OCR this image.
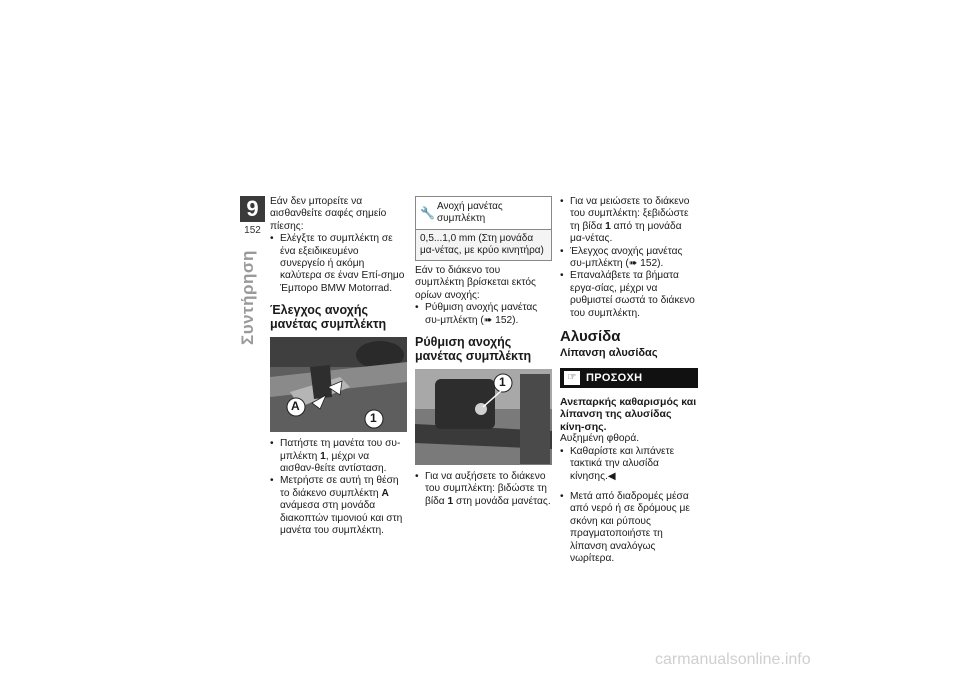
9
152
Συντήρηση

Εάν δεν μπορείτε να αισθανθείτε σαφές σημείο πίεσης:

• Ελέγξτε το συμπλέκτη σε ένα εξειδικευμένο συνεργείο ή ακόμη καλύτερα σε έναν Επί-σημο Έμπορο BMW Motorrad.
Έλεγχος ανοχής μανέτας συμπλέκτη
A
1
• Πατήστε τη μανέτα του συ-μπλέκτη 1, μέχρι να αισθαν-θείτε αντίσταση.
• Μετρήστε σε αυτή τη θέση το διάκενο συμπλέκτη A ανάμεσα στη μονάδα διακοπτών τιμονιού και στη μανέτα του συμπλέκτη.
🔧 Ανοχή μανέτας συμπλέκτη
0,5...1,0 mm (Στη μονάδα μα-νέτας, με κρύο κινητήρα)

Εάν το διάκενο του συμπλέκτη βρίσκεται εκτός ορίων ανοχής:

• Ρύθμιση ανοχής μανέτας συ-μπλέκτη (➠ 152).
Ρύθμιση ανοχής μανέτας συμπλέκτη
1
• Για να αυξήσετε το διάκενο του συμπλέκτη: βιδώστε τη βίδα 1 στη μονάδα μανέτας.
• Για να μειώσετε το διάκενο του συμπλέκτη: ξεβιδώστε τη βίδα 1 από τη μονάδα μα-νέτας.
• Έλεγχος ανοχής μανέτας συ-μπλέκτη (➠ 152).
• Επαναλάβετε τα βήματα εργα-σίας, μέχρι να ρυθμιστεί σωστά το διάκενο του συμπλέκτη.
Αλυσίδα
Λίπανση αλυσίδας
☞ ΠΡΟΣΟΧΗ

Ανεπαρκής καθαρισμός και λίπανση της αλυσίδας κίνη-σης.

Αυξημένη φθορά.

• Καθαρίστε και λιπάνετε τακτικά την αλυσίδα κίνησης.◀
• Μετά από διαδρομές μέσα από νερό ή σε δρόμους με σκόνη και ρύπους πραγματοποιήστε τη λίπανση αναλόγως νωρίτερα.
carmanualsonline.info
